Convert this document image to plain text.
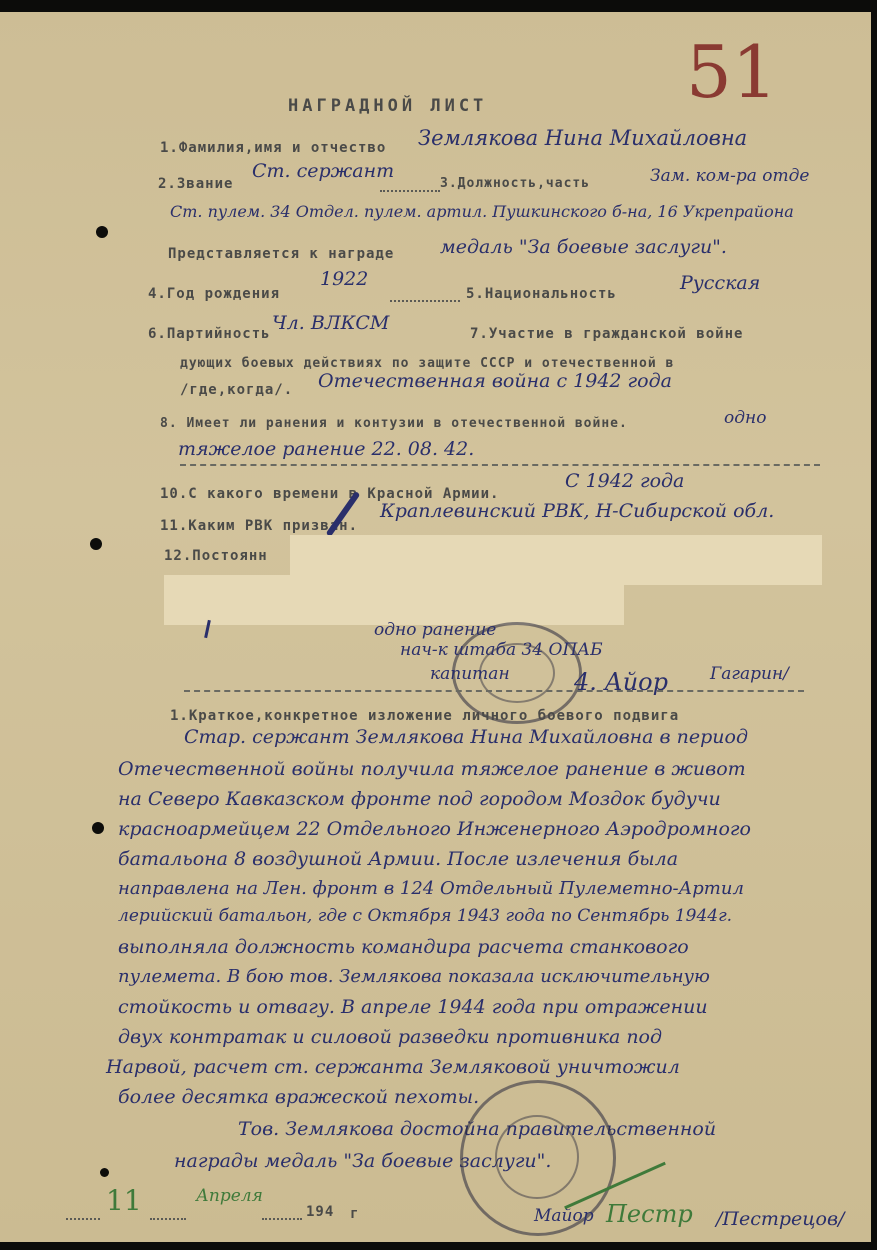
51
НАГРАДНОЙ ЛИСТ
1.Фамилия,имя и отчество Землякова Нина Михайловна
2.Звание
Ст. сержант
3.Должность,часть	Зам. ком-ра отде
Ст. пулем. 34 Отдел. пулем. артил. Пушкинского б-на, 16 Укрепрайона
Представляется к награде медаль "За боевые заслуги".
4.Год рождения
1922
5.Национальность	Русская
6.Партийность Чл. ВЛКСМ	7.Участие в гражданской войне
дующих боевых действиях по защите СССР и отечественной в
/где,когда/. Отечественная война с 1942 года
8. Имеет ли ранения и контузии в отечественной войне.	одно
тяжелое ранение 22. 08. 42.
10.С какого времени в Красной Армии.
С 1942 года
11.Каким РВК призван.
Краплевинский РВК, Н-Сибирской обл.
12.Постоянн
одно ранение
нач-к штаба 34 ОПАБ
капитан	4. Айор Гагарин/
1.Краткое,конкретное изложение личного боевого подвига
Стар. сержант Землякова Нина Михайловна в период
Отечественной войны получила тяжелое ранение в живот
на Северо Кавказском фронте под городом Моздок будучи
красноармейцем 22 Отдельного Инженерного Аэродромного
батальона 8 воздушной Армии. После излечения была
направлена на Лен. фронт в 124 Отдельный Пулеметно-Артил
лерийский батальон, где с Октября 1943 года по Сентябрь 1944г.
выполняла должность командира расчета станкового
пулемета. В бою тов. Землякова показала исключительную
стойкость и отвагу. В апреле 1944 года при отражении
двух контратак и силовой разведки противника под
Нарвой, расчет ст. сержанта Земляковой уничтожил
более десятка вражеской пехоты.
Тов. Землякова достойна правительственной
награды медаль "За боевые заслуги".
11	Апреля
194 г	Майор Пестр /Пестрецов/
